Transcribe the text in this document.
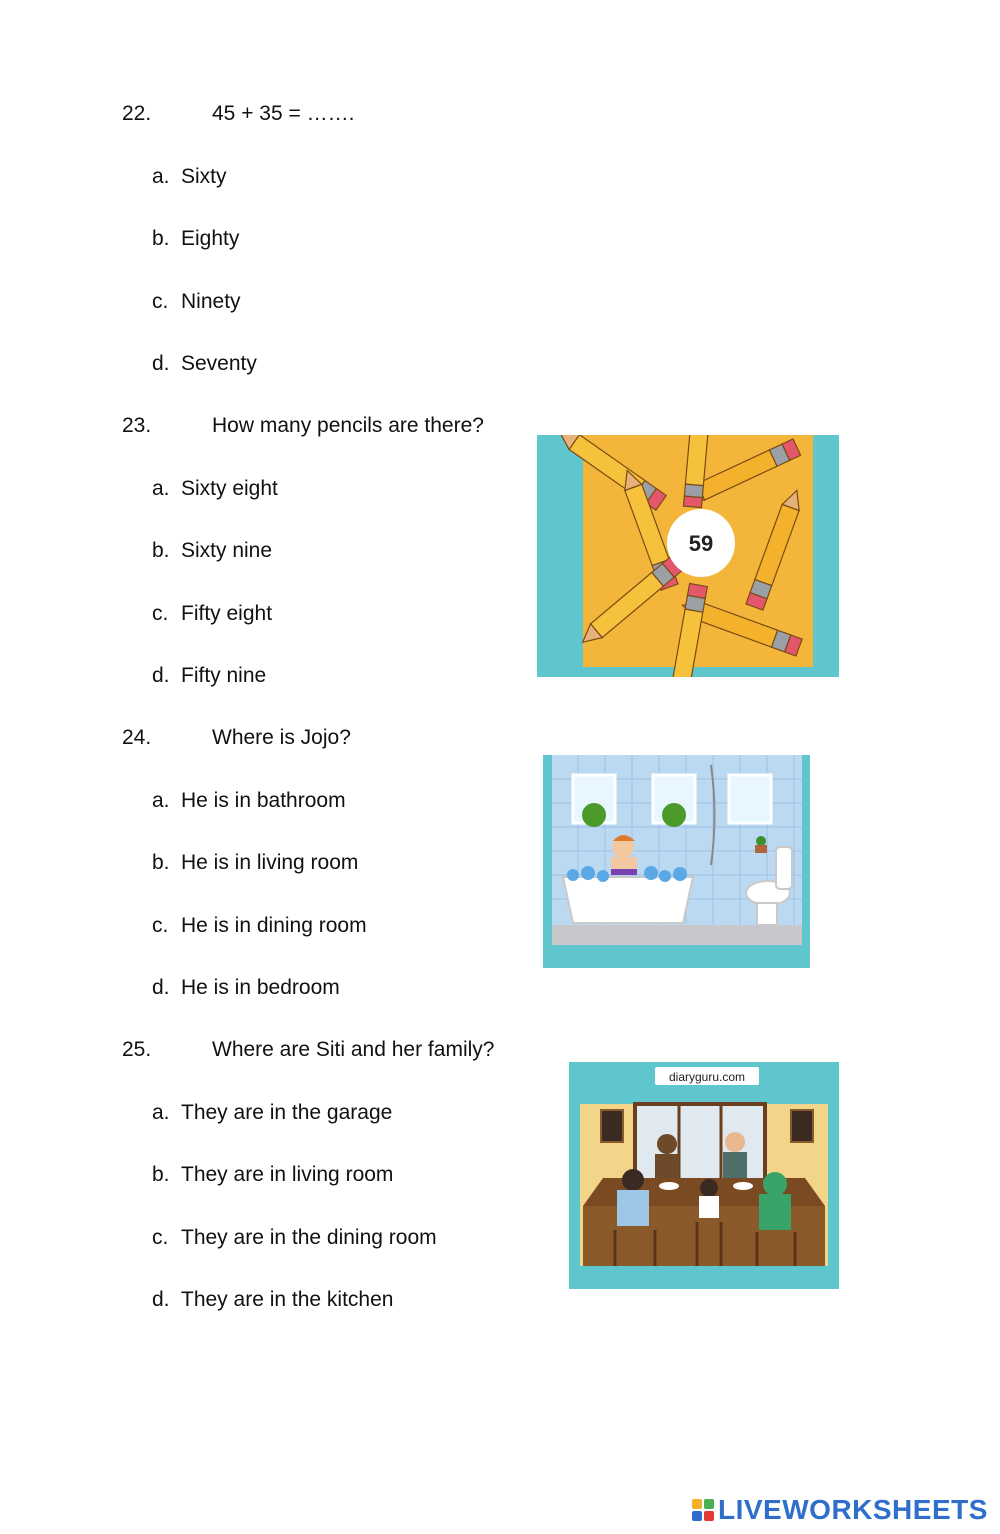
22.	45 + 35 = …….
a. Sixty
b. Eighty
c. Ninety
d. Seventy
23.	How many pencils are there?
a. Sixty eight
b. Sixty nine
c. Fifty eight
d. Fifty nine
59
24.	Where is Jojo?
a. He is in bathroom
b. He is in living room
c. He is in dining room
d. He is in bedroom
25.	Where are Siti and her family?
a. They are in the garage
b. They are in living room
c. They are in the dining room
d. They are in the kitchen
diaryguru.com
LIVEWORKSHEETS
